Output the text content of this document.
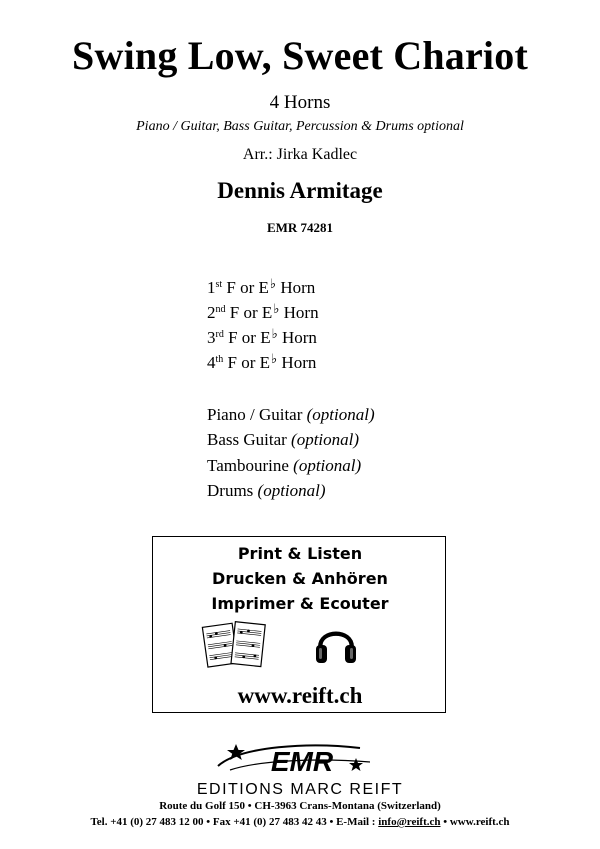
Swing Low, Sweet Chariot
4 Horns
Piano / Guitar, Bass Guitar, Percussion & Drums optional
Arr.: Jirka Kadlec
Dennis Armitage
EMR 74281
1st F or E♭ Horn
2nd F or E♭ Horn
3rd F or E♭ Horn
4th F or E♭ Horn
Piano / Guitar (optional)
Bass Guitar (optional)
Tambourine (optional)
Drums (optional)
Print & Listen
Drucken & Anhören
Imprimer & Ecouter
www.reift.ch
EMR
EDITIONS MARC REIFT
Route du Golf 150 • CH-3963 Crans-Montana (Switzerland)
Tel. +41 (0) 27 483 12 00 • Fax +41 (0) 27 483 42 43 • E-Mail : info@reift.ch • www.reift.ch
